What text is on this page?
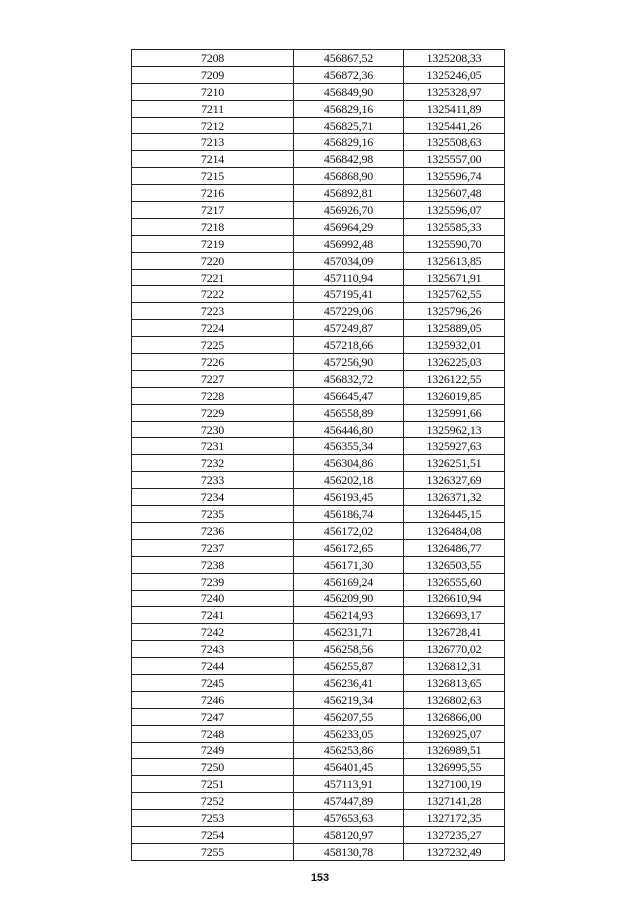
7208	456867,52	1325208,33
7209	456872,36	1325246,05
7210	456849,90	1325328,97
7211	456829,16	1325411,89
7212	456825,71	1325441,26
7213	456829,16	1325508,63
7214	456842,98	1325557,00
7215	456868,90	1325596,74
7216	456892,81	1325607,48
7217	456926,70	1325596,07
7218	456964,29	1325585,33
7219	456992,48	1325590,70
7220	457034,09	1325613,85
7221	457110,94	1325671,91
7222	457195,41	1325762,55
7223	457229,06	1325796,26
7224	457249,87	1325889,05
7225	457218,66	1325932,01
7226	457256,90	1326225,03
7227	456832,72	1326122,55
7228	456645,47	1326019,85
7229	456558,89	1325991,66
7230	456446,80	1325962,13
7231	456355,34	1325927,63
7232	456304,86	1326251,51
7233	456202,18	1326327,69
7234	456193,45	1326371,32
7235	456186,74	1326445,15
7236	456172,02	1326484,08
7237	456172,65	1326486,77
7238	456171,30	1326503,55
7239	456169,24	1326555,60
7240	456209,90	1326610,94
7241	456214,93	1326693,17
7242	456231,71	1326728,41
7243	456258,56	1326770,02
7244	456255,87	1326812,31
7245	456236,41	1326813,65
7246	456219,34	1326802,63
7247	456207,55	1326866,00
7248	456233,05	1326925,07
7249	456253,86	1326989,51
7250	456401,45	1326995,55
7251	457113,91	1327100,19
7252	457447,89	1327141,28
7253	457653,63	1327172,35
7254	458120,97	1327235,27
7255	458130,78	1327232,49
153
